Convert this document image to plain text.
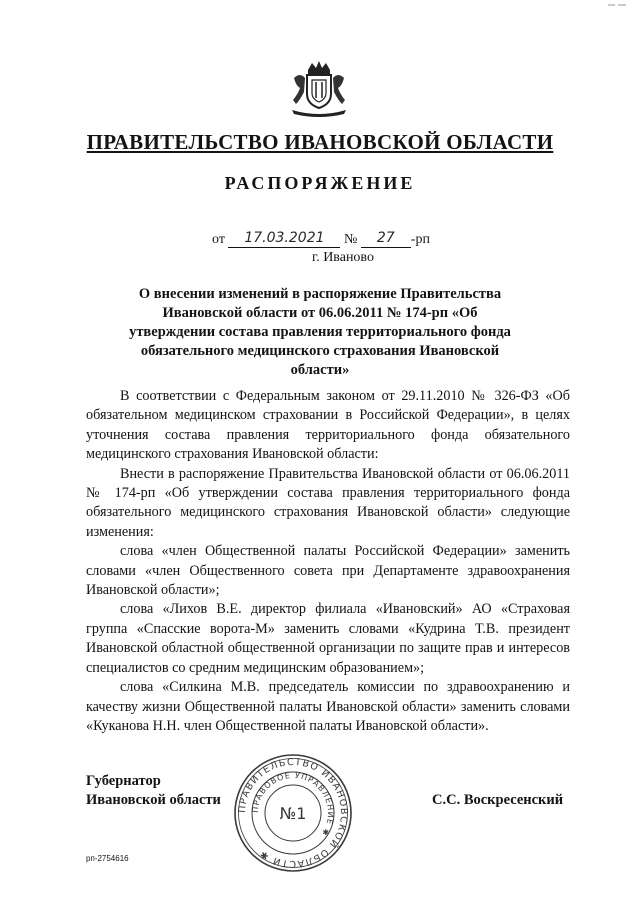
ПРАВИТЕЛЬСТВО ИВАНОВСКОЙ ОБЛАСТИ
РАСПОРЯЖЕНИЕ
от 17.03.2021 № 27 -рп
г. Иваново
О внесении изменений в распоряжение Правительства Ивановской области от 06.06.2011 № 174-рп «Об утверждении состава правления территориального фонда обязательного медицинского страхования Ивановской области»

В соответствии с Федеральным законом от 29.11.2010 № 326-ФЗ «Об обязательном медицинском страховании в Российской Федерации», в целях уточнения состава правления территориального фонда обязательного медицинского страхования Ивановской области:

Внести в распоряжение Правительства Ивановской области от 06.06.2011 № 174-рп «Об утверждении состава правления территориального фонда обязательного медицинского страхования Ивановской области» следующие изменения:

слова «член Общественной палаты Российской Федерации» заменить словами «член Общественного совета при Департаменте здравоохранения Ивановской области»;

слова «Лихов В.Е. директор филиала «Ивановский» АО «Страховая группа «Спасские ворота-М» заменить словами «Кудрина Т.В. президент Ивановской областной общественной организации по защите прав и интересов специалистов со средним медицинским образованием»;

слова «Силкина М.В. председатель комиссии по здравоохранению и качеству жизни Общественной палаты Ивановской области» заменить словами «Куканова Н.Н. член Общественной палаты Ивановской области».

Губернатор
Ивановской области	С.С. Воскресенский
ПРАВИТЕЛЬСТВО ИВАНОВСКОЙ ОБЛАСТИ ✱
ПРАВОВОЕ УПРАВЛЕНИЕ ✱
№1
рп-2754616
